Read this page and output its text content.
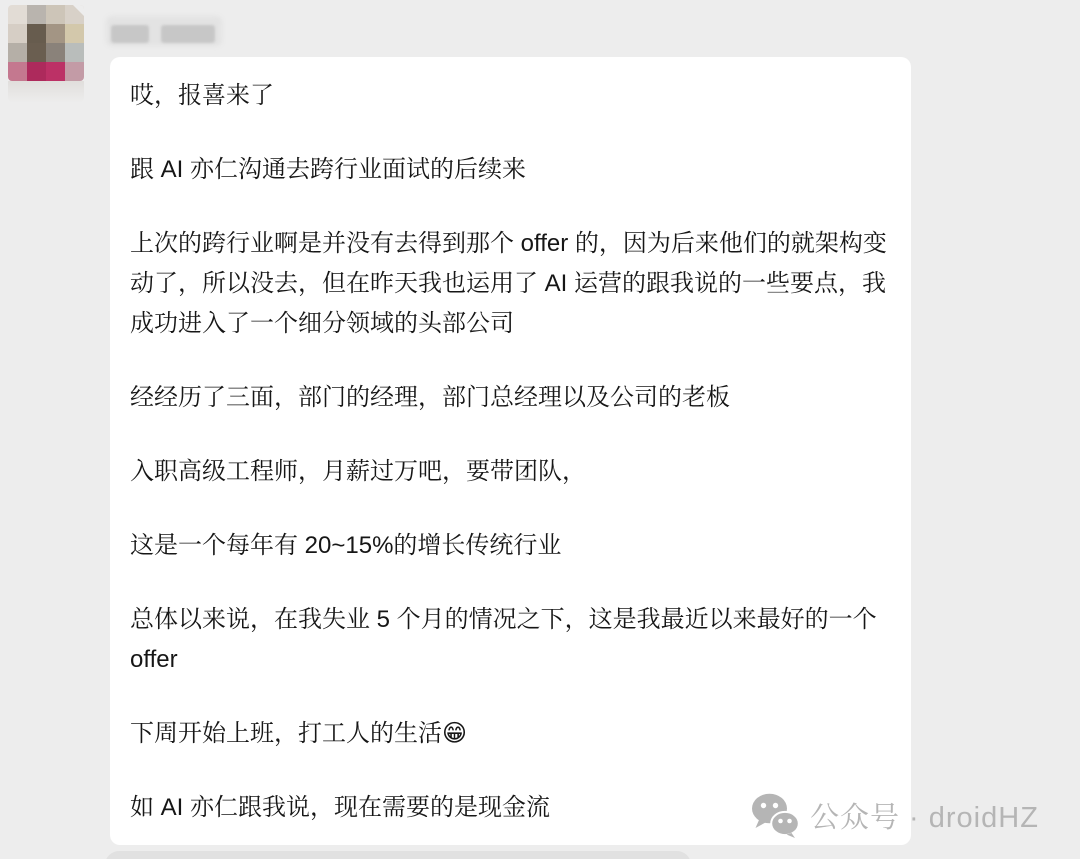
哎，报喜来了

跟 AI 亦仁沟通去跨行业面试的后续来

上次的跨行业啊是并没有去得到那个 offer 的，因为后来他们的就架构变动了，所以没去，但在昨天我也运用了 AI 运营的跟我说的一些要点，我成功进入了一个细分领域的头部公司

经经历了三面，部门的经理，部门总经理以及公司的老板

入职高级工程师，月薪过万吧，要带团队，

这是一个每年有 20~15%的增长传统行业

总体以来说，在我失业 5 个月的情况之下，这是我最近以来最好的一个 offer

下周开始上班，打工人的生活😁

如 AI 亦仁跟我说，现在需要的是现金流	公众号 · droidHZ
